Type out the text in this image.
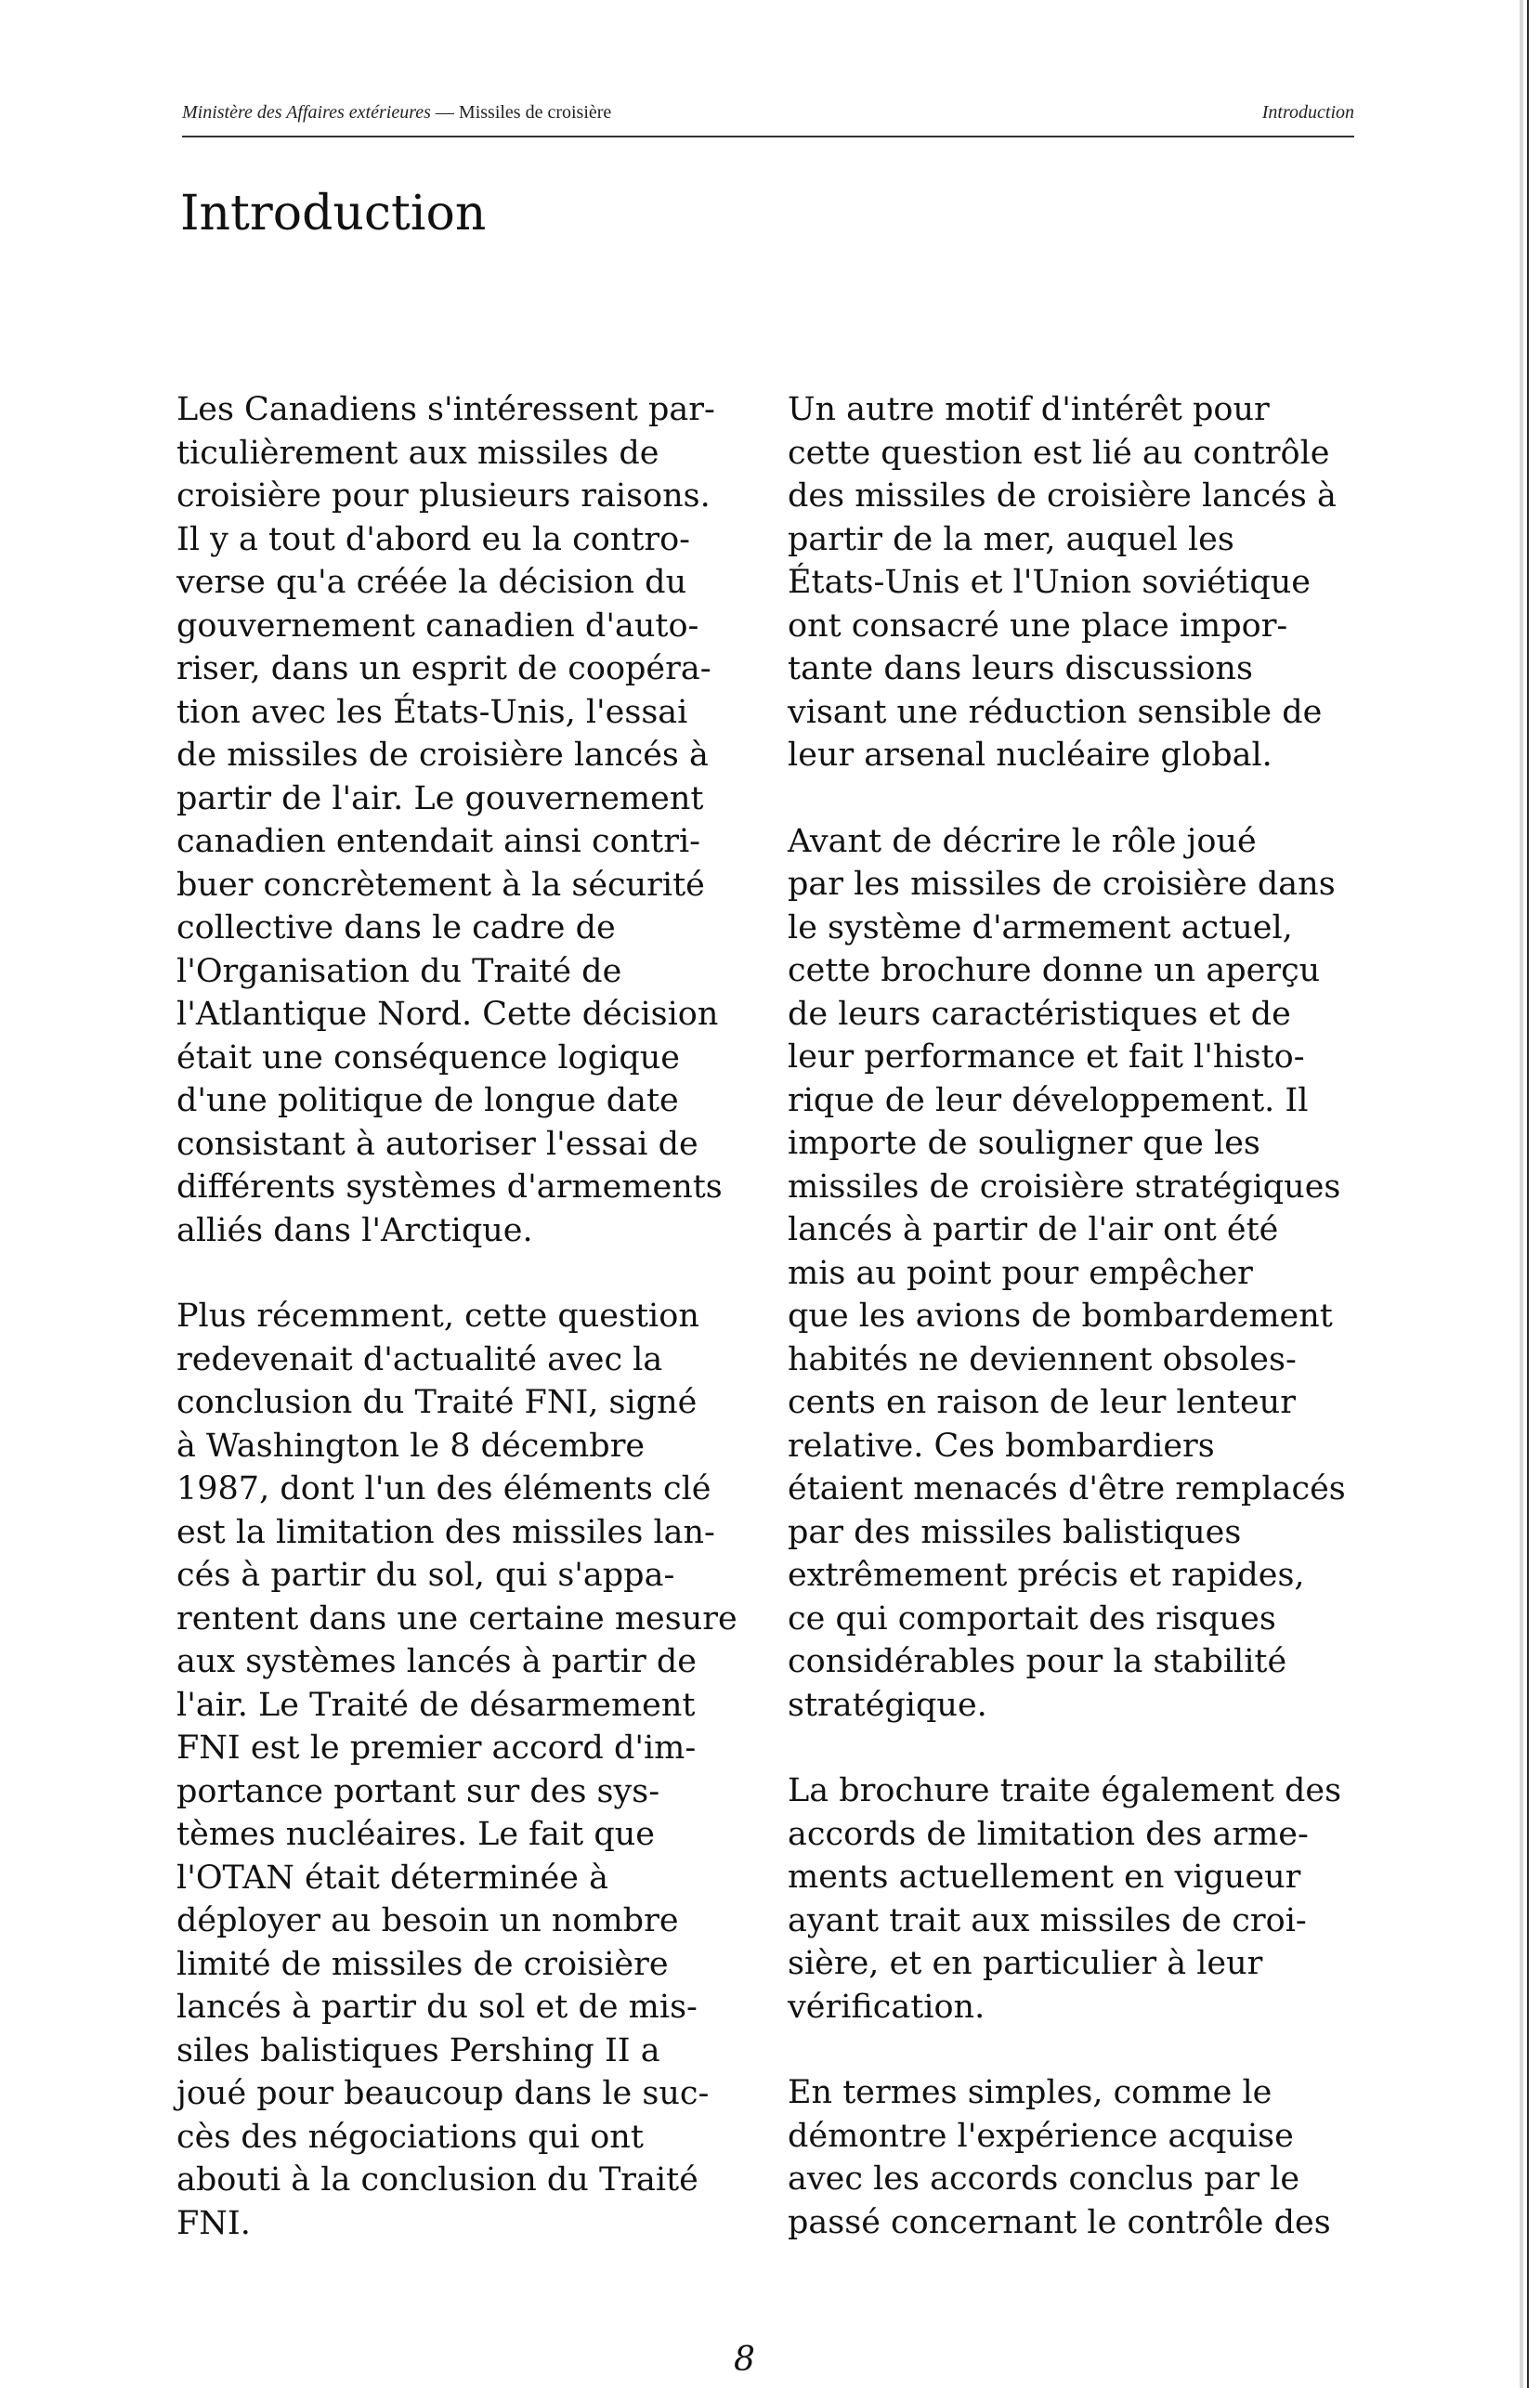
Ministère des Affaires extérieures — Missiles de croisière	Introduction
Introduction
Les Canadiens s'intéressent par-
ticulièrement aux missiles de
croisière pour plusieurs raisons.
Il y a tout d'abord eu la contro-
verse qu'a créée la décision du
gouvernement canadien d'auto-
riser, dans un esprit de coopéra-
tion avec les États-Unis, l'essai
de missiles de croisière lancés à
partir de l'air. Le gouvernement
canadien entendait ainsi contri-
buer concrètement à la sécurité
collective dans le cadre de
l'Organisation du Traité de
l'Atlantique Nord. Cette décision
était une conséquence logique
d'une politique de longue date
consistant à autoriser l'essai de
différents systèmes d'armements
alliés dans l'Arctique.
Plus récemment, cette question
redevenait d'actualité avec la
conclusion du Traité FNI, signé
à Washington le 8 décembre
1987, dont l'un des éléments clé
est la limitation des missiles lan-
cés à partir du sol, qui s'appa-
rentent dans une certaine mesure
aux systèmes lancés à partir de
l'air. Le Traité de désarmement
FNI est le premier accord d'im-
portance portant sur des sys-
tèmes nucléaires. Le fait que
l'OTAN était déterminée à
déployer au besoin un nombre
limité de missiles de croisière
lancés à partir du sol et de mis-
siles balistiques Pershing II a
joué pour beaucoup dans le suc-
cès des négociations qui ont
abouti à la conclusion du Traité
FNI.
Un autre motif d'intérêt pour
cette question est lié au contrôle
des missiles de croisière lancés à
partir de la mer, auquel les
États-Unis et l'Union soviétique
ont consacré une place impor-
tante dans leurs discussions
visant une réduction sensible de
leur arsenal nucléaire global.
Avant de décrire le rôle joué
par les missiles de croisière dans
le système d'armement actuel,
cette brochure donne un aperçu
de leurs caractéristiques et de
leur performance et fait l'histo-
rique de leur développement. Il
importe de souligner que les
missiles de croisière stratégiques
lancés à partir de l'air ont été
mis au point pour empêcher
que les avions de bombardement
habités ne deviennent obsoles-
cents en raison de leur lenteur
relative. Ces bombardiers
étaient menacés d'être remplacés
par des missiles balistiques
extrêmement précis et rapides,
ce qui comportait des risques
considérables pour la stabilité
stratégique.
La brochure traite également des
accords de limitation des arme-
ments actuellement en vigueur
ayant trait aux missiles de croi-
sière, et en particulier à leur
vérification.
En termes simples, comme le
démontre l'expérience acquise
avec les accords conclus par le
passé concernant le contrôle des
8
